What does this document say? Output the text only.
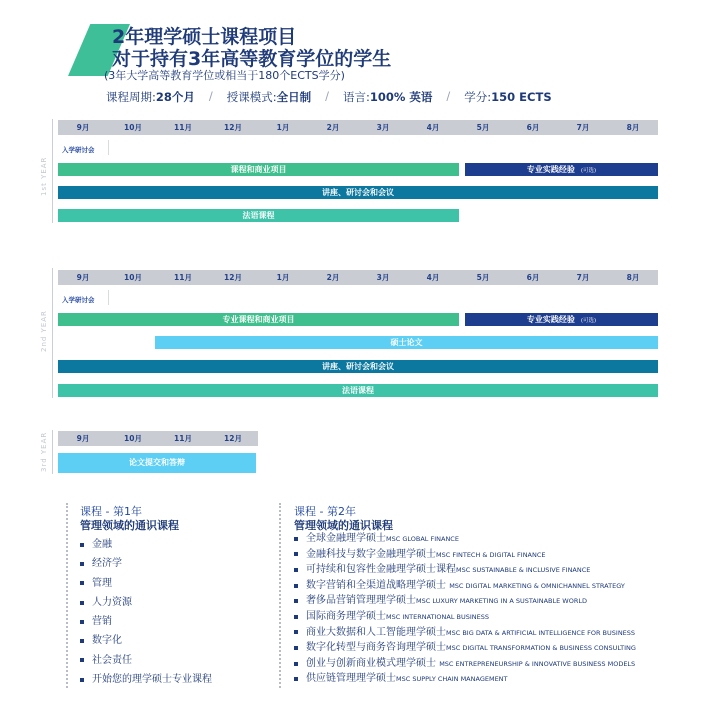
2年理学硕士课程项目
对于持有3年高等教育学位的学生
(3年大学高等教育学位或相当于180个ECTS学分)
课程周期:28个月 / 授课模式:全日制 / 语言:100% 英语 / 学分:150 ECTS
1st YEAR
9月	10月	11月	12月	1月	2月	3月	4月	5月	6月	7月	8月
入学研讨会
课程和商业项目	专业实践经验 (可选)
讲座、研讨会和会议
法语课程
2nd YEAR
9月	10月	11月	12月	1月	2月	3月	4月	5月	6月	7月	8月
入学研讨会
专业课程和商业项目	专业实践经验 (可选)
硕士论文
讲座、研讨会和会议
法语课程
3rd YEAR	9月	10月	11月	12月
论文提交和答辩
课程 - 第1年
管理领域的通识课程
金融
经济学
管理
人力资源
营销
数字化
社会责任
开始您的理学硕士专业课程
课程 - 第2年
管理领域的通识课程
全球金融理学硕士MSC GLOBAL FINANCE
金融科技与数字金融理学硕士MSC FINTECH & DIGITAL FINANCE
可持续和包容性金融理学硕士课程MSC SUSTAINABLE & INCLUSIVE FINANCE
数字营销和全渠道战略理学硕士 MSC DIGITAL MARKETING & OMNICHANNEL STRATEGY
奢侈品营销管理理学硕士MSC LUXURY MARKETING IN A SUSTAINABLE WORLD
国际商务理学硕士MSC INTERNATIONAL BUSINESS
商业大数据和人工智能理学硕士MSC BIG DATA & ARTIFICIAL INTELLIGENCE FOR BUSINESS
数字化转型与商务咨询理学硕士MSC DIGITAL TRANSFORMATION & BUSINESS CONSULTING
创业与创新商业模式理学硕士 MSC ENTREPRENEURSHIP & INNOVATIVE BUSINESS MODELS
供应链管理理学硕士MSC SUPPLY CHAIN MANAGEMENT
